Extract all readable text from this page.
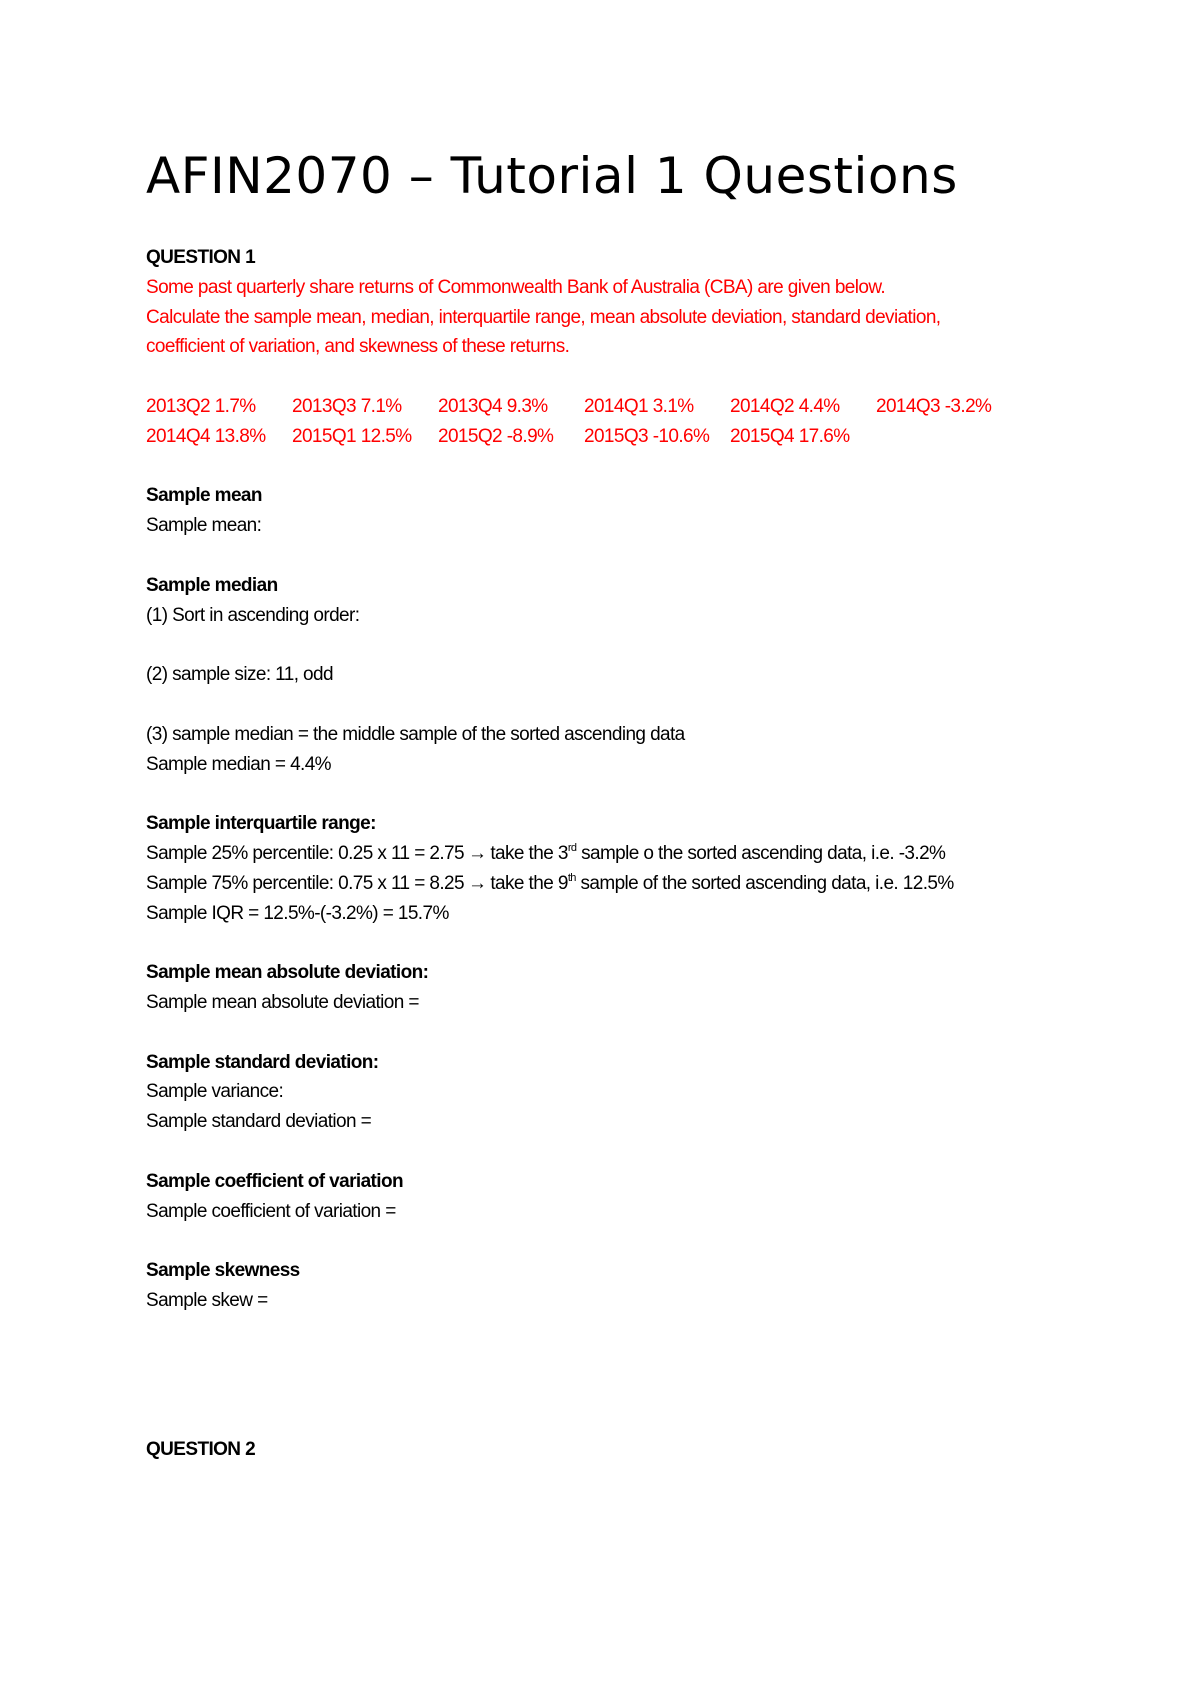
AFIN2070 – Tutorial 1 Questions
QUESTION 1
Some past quarterly share returns of Commonwealth Bank of Australia (CBA) are given below.
Calculate the sample mean, median, interquartile range, mean absolute deviation, standard deviation,
coefficient of variation, and skewness of these returns.
2013Q2 1.7%	2013Q3 7.1%	2013Q4 9.3%	2014Q1 3.1%	2014Q2 4.4%	2014Q3 -3.2%
2014Q4 13.8%	2015Q1 12.5%	2015Q2 -8.9%	2015Q3 -10.6%	2015Q4 17.6%
Sample mean
Sample mean:
Sample median
(1) Sort in ascending order:
(2) sample size: 11, odd
(3) sample median = the middle sample of the sorted ascending data
Sample median = 4.4%
Sample interquartile range:
Sample 25% percentile: 0.25 x 11 = 2.75 → take the 3rd sample o the sorted ascending data, i.e. -3.2%
Sample 75% percentile: 0.75 x 11 = 8.25 → take the 9th sample of the sorted ascending data, i.e. 12.5%
Sample IQR = 12.5%-(-3.2%) = 15.7%
Sample mean absolute deviation:
Sample mean absolute deviation =
Sample standard deviation:
Sample variance:
Sample standard deviation =
Sample coefficient of variation
Sample coefficient of variation =
Sample skewness
Sample skew =
QUESTION 2
